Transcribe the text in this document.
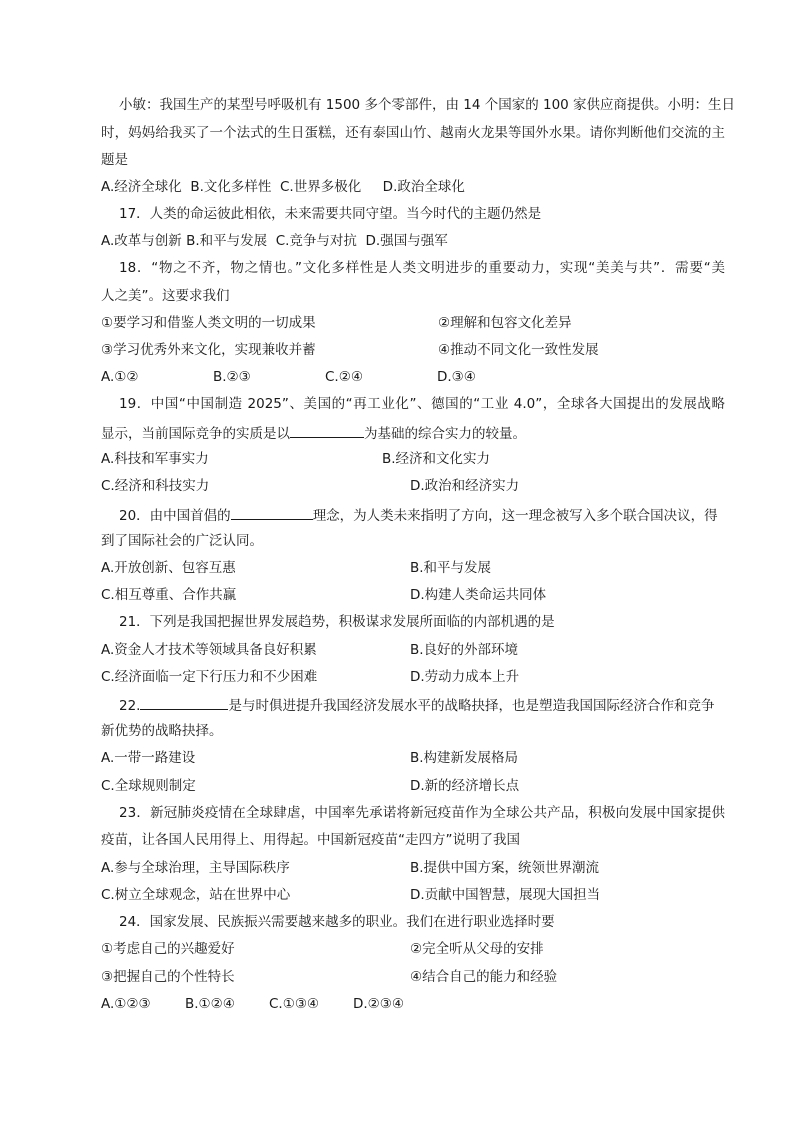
小敏：我国生产的某型号呼吸机有 1500 多个零部件，由 14 个国家的 100 家供应商提供。小明：生日
时，妈妈给我买了一个法式的生日蛋糕，还有泰国山竹、越南火龙果等国外水果。请你判断他们交流的主
题是
A.经济全球化  B.文化多样性  C.世界多极化     D.政治全球化
17．人类的命运彼此相依，未来需要共同守望。当今时代的主题仍然是
A.改革与创新 B.和平与发展  C.竞争与对抗  D.强国与强军
18．“物之不齐，物之情也。”文化多样性是人类文明进步的重要动力，实现“美美与共”．需要“美
人之美”。这要求我们
①要学习和借鉴人类文明的一切成果	②理解和包容文化差异
③学习优秀外来文化，实现兼收并蓄	④推动不同文化一致性发展
A.①②	B.②③	C.②④	D.③④
19．中国“中国制造 2025”、美国的“再工业化”、德国的“工业 4.0”，全球各大国提出的发展战略
显示，当前国际竞争的实质是以	为基础的综合实力的较量。
A.科技和军事实力	B.经济和文化实力
C.经济和科技实力	D.政治和经济实力
20．由中国首倡的	理念，为人类未来指明了方向，这一理念被写入多个联合国决议，得
到了国际社会的广泛认同。
A.开放创新、包容互惠	B.和平与发展
C.相互尊重、合作共赢	D.构建人类命运共同体
21．下列是我国把握世界发展趋势，积极谋求发展所面临的内部机遇的是
A.资金人才技术等领域具备良好积累	B.良好的外部环境
C.经济面临一定下行压力和不少困难	D.劳动力成本上升
22.	是与时俱进提升我国经济发展水平的战略抉择，也是塑造我国国际经济合作和竞争
新优势的战略抉择。
A.一带一路建设	B.构建新发展格局
C.全球规则制定	D.新的经济增长点
23．新冠肺炎疫情在全球肆虐，中国率先承诺将新冠疫苗作为全球公共产品，积极向发展中国家提供
疫苗，让各国人民用得上、用得起。中国新冠疫苗“走四方”说明了我国
A.参与全球治理，主导国际秩序	B.提供中国方案，统领世界潮流
C.树立全球观念，站在世界中心	D.贡献中国智慧，展现大国担当
24．国家发展、民族振兴需要越来越多的职业。我们在进行职业选择时要
①考虑自己的兴趣爱好	②完全听从父母的安排
③把握自己的个性特长	④结合自己的能力和经验
A.①②③	B.①②④	C.①③④	D.②③④
